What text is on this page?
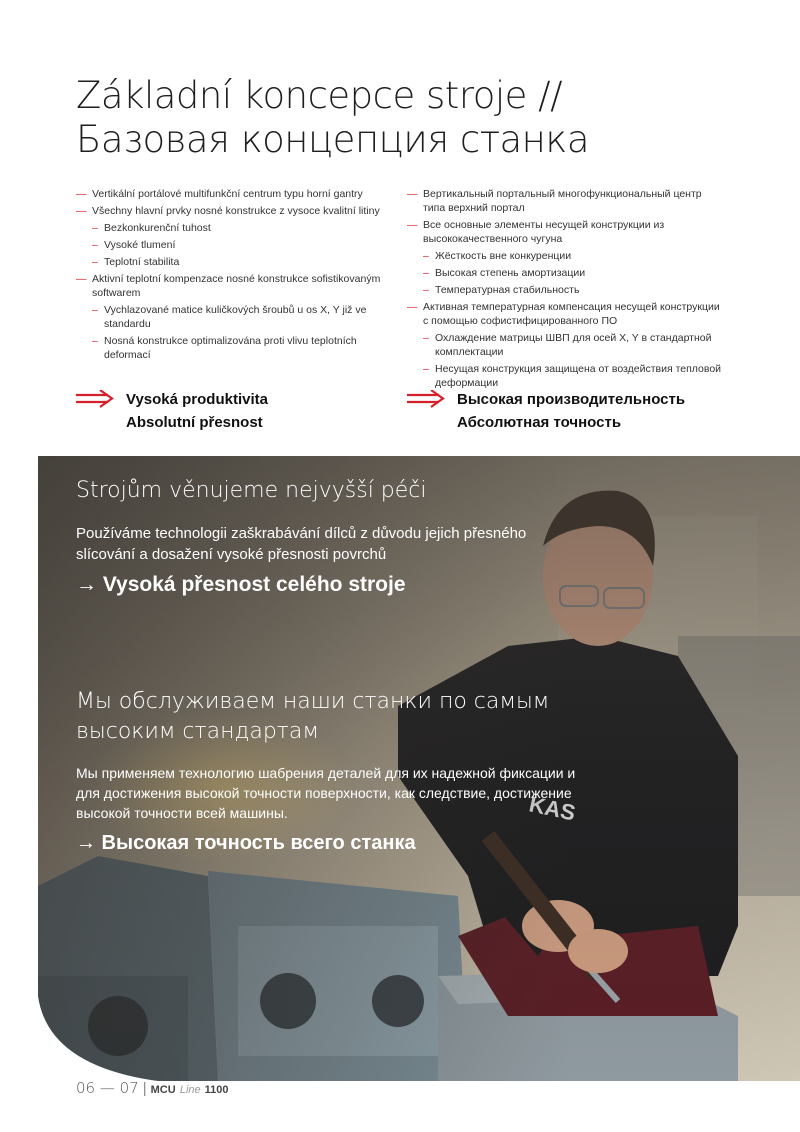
Základní koncepce stroje //
Базовая концепция станка
— Vertikální portálové multifunkční centrum typu horní gantry
— Všechny hlavní prvky nosné konstrukce z vysoce kvalitní litiny
– Bezkonkurenční tuhost
– Vysoké tlumení
– Teplotní stabilita
— Aktivní teplotní kompenzace nosné konstrukce sofistikovaným softwarem
– Vychlazované matice kuličkových šroubů u os X, Y již ve standardu
– Nosná konstrukce optimalizována proti vlivu teplotních deformací
— Вертикальный портальный многофункциональный центр типа верхний портал
— Все основные элементы несущей конструкции из высококачественного чугуна
– Жёсткость вне конкуренции
– Высокая степень амортизации
– Температурная стабильность
— Активная температурная компенсация несущей конструкции с помощью софистифицированного ПО
– Охлаждение матрицы ШВП для осей X, Y в стандартной комплектации
– Несущая конструкция защищена от воздействия тепловой деформации
Vysoká produktivita
Absolutní přesnost
Высокая производительность
Абсолютная точность
Strojům věnujeme nejvyšší péči
Používáme technologii zaškrabávání dílců z důvodu jejich přesného slícování a dosažení vysoké přesnosti povrchů
→ Vysoká přesnost celého stroje
Мы обслуживаем наши станки по самым высоким стандартам
Мы применяем технологию шабрения деталей для их надежной фиксации и для достижения высокой точности поверхности, как следствие, достижение высокой точности всей машины.
→ Высокая точность всего станка
06 — 07 | MCU Line 1100
